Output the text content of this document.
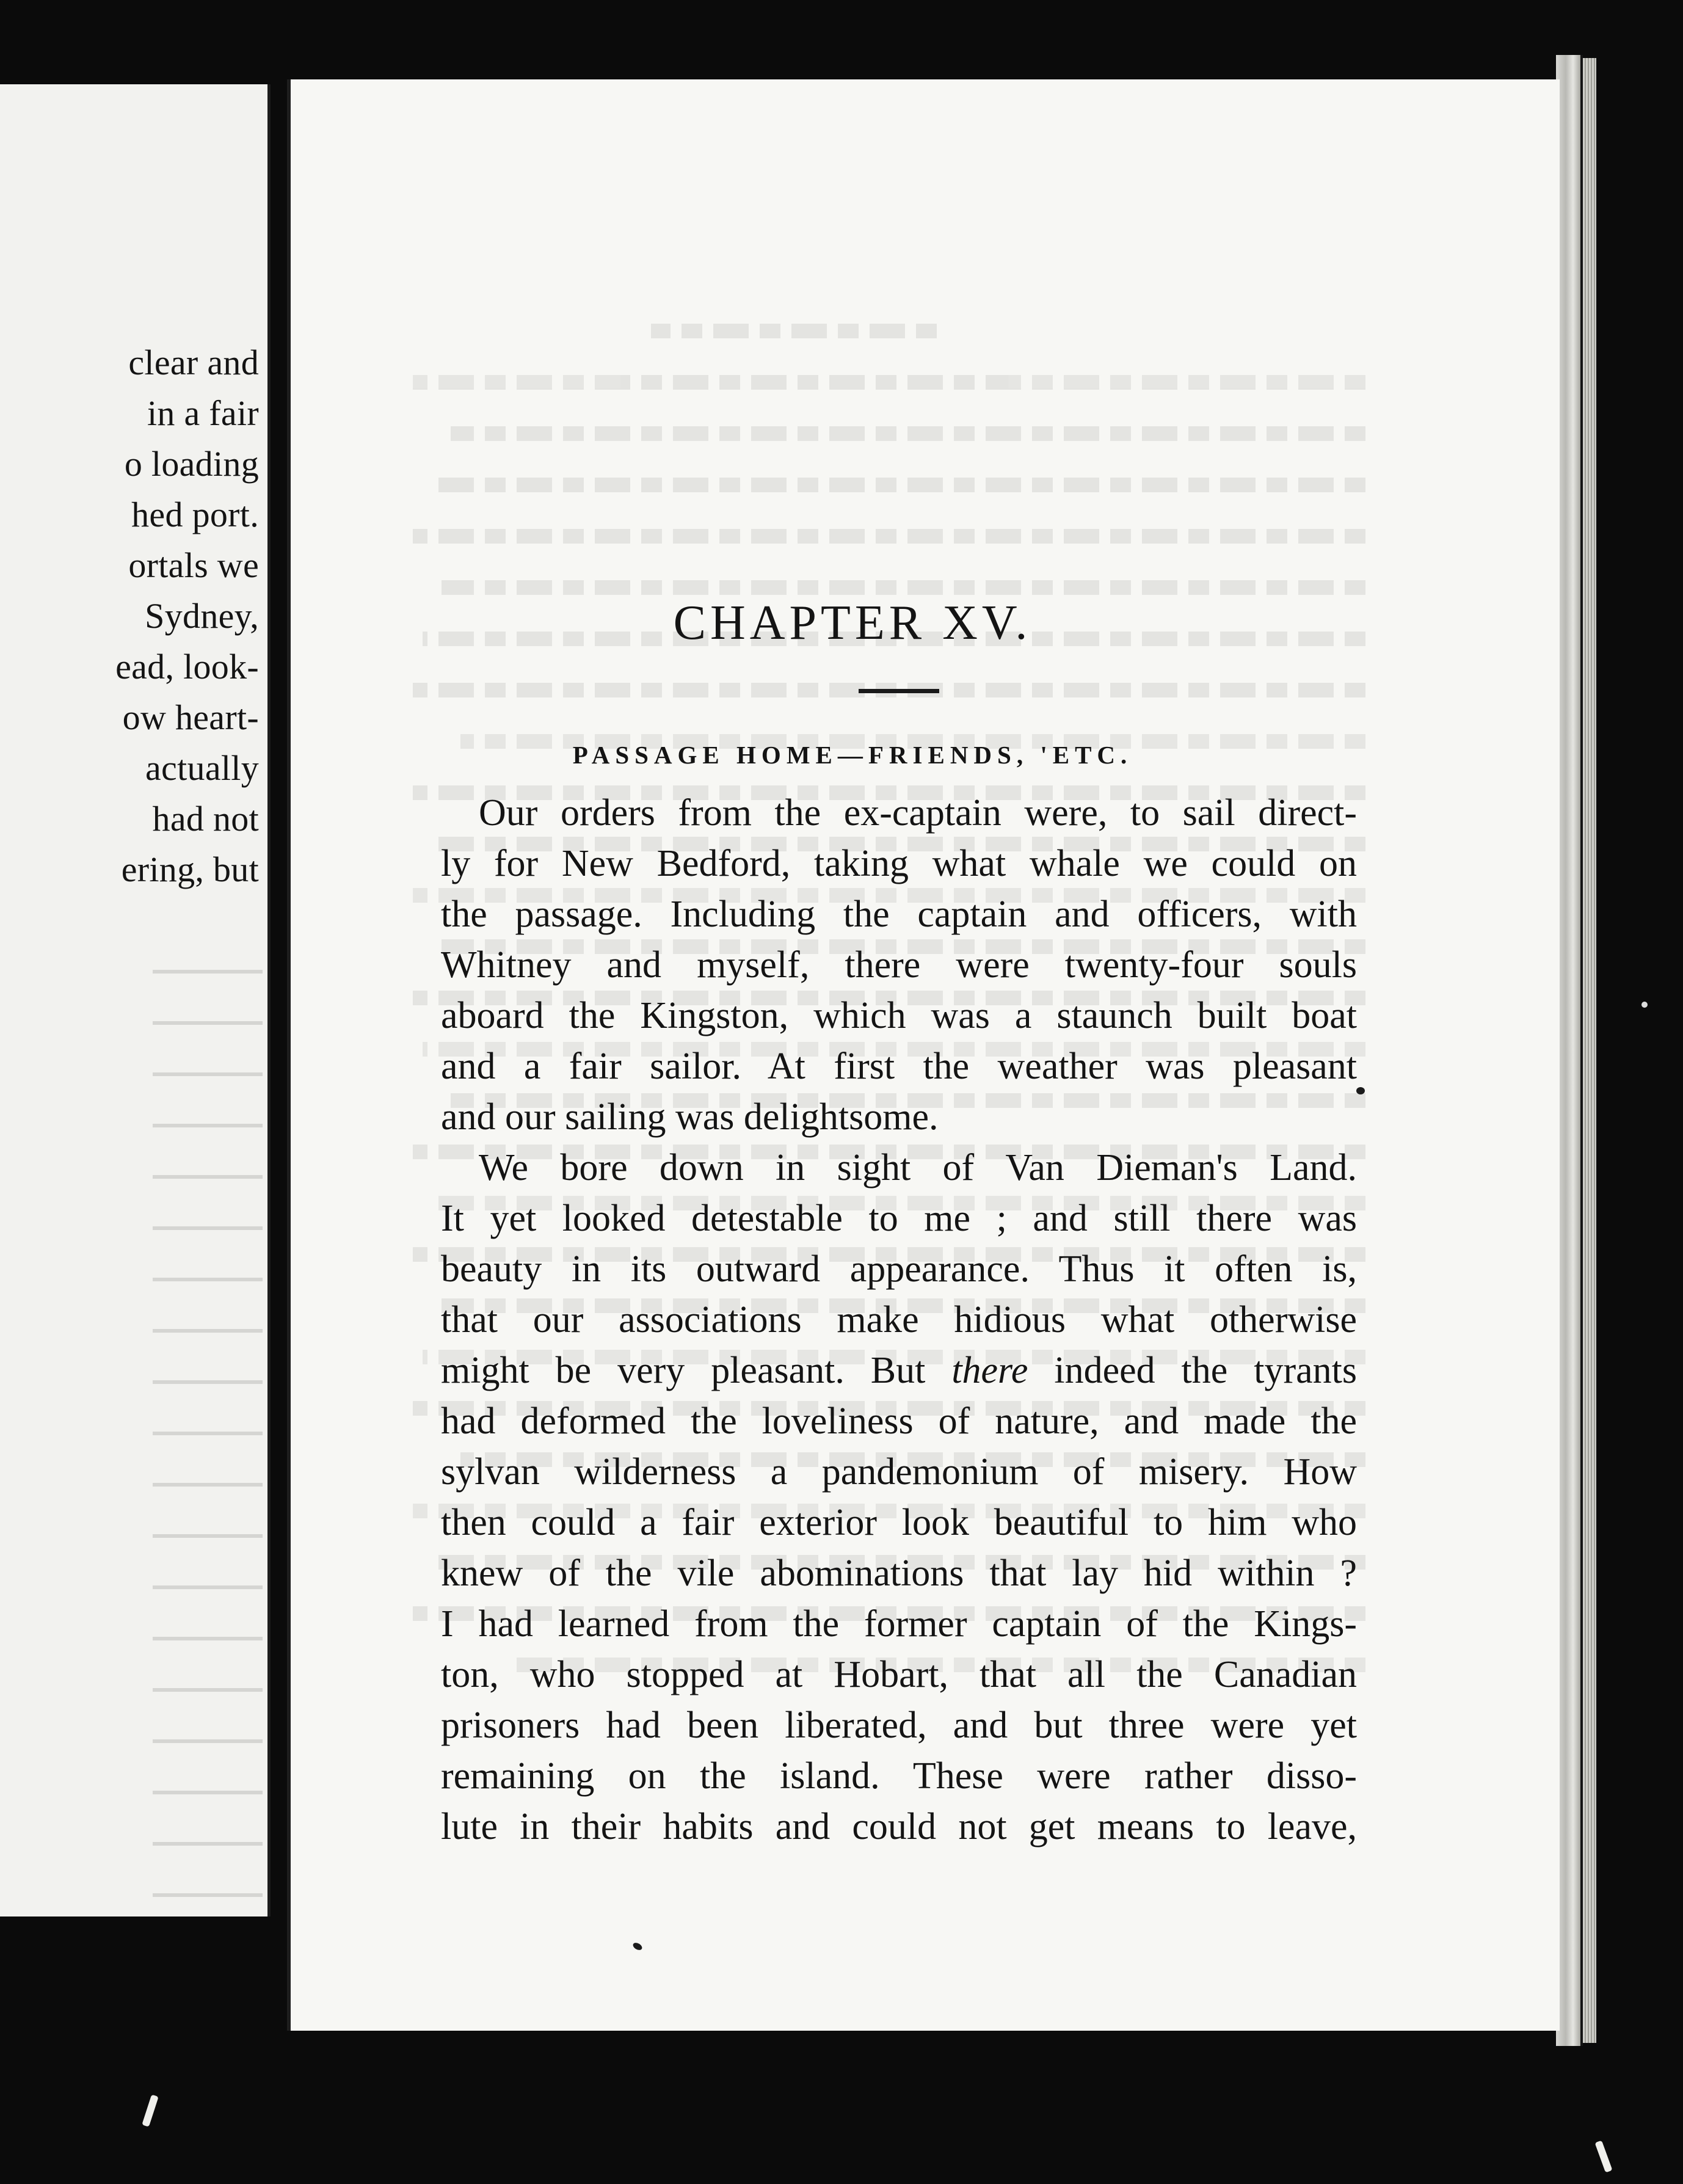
clear and
in a fair
o loading
hed port.
ortals we
Sydney,
ead, look-
ow heart-
actually
had not
ering, but
CHAPTER XV.
PASSAGE HOME—FRIENDS, 'ETC.
Our orders from the ex-captain were, to sail direct-
ly for New Bedford, taking what whale we could on
the passage. Including the captain and officers, with
Whitney and myself, there were twenty-four souls
aboard the Kingston, which was a staunch built boat
and a fair sailor. At first the weather was pleasant
and our sailing was delightsome.
We bore down in sight of Van Dieman's Land.
It yet looked detestable to me ; and still there was
beauty in its outward appearance. Thus it often is,
that our associations make hidious what otherwise
might be very pleasant. But there indeed the tyrants
had deformed the loveliness of nature, and made the
sylvan wilderness a pandemonium of misery. How
then could a fair exterior look beautiful to him who
knew of the vile abominations that lay hid within ?
I had learned from the former captain of the Kings-
ton, who stopped at Hobart, that all the Canadian
prisoners had been liberated, and but three were yet
remaining on the island. These were rather disso-
lute in their habits and could not get means to leave,
